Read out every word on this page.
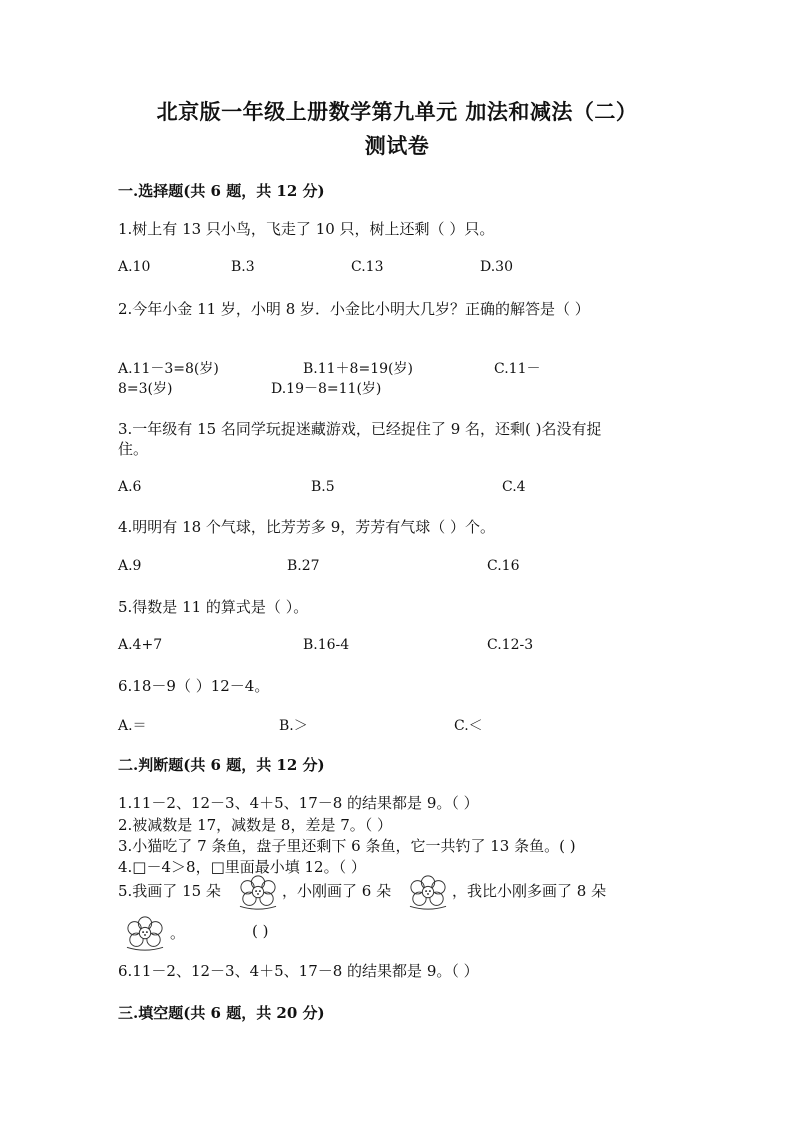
北京版一年级上册数学第九单元 加法和减法（二）
测试卷
一.选择题(共 6 题，共 12 分)
1.树上有 13 只小鸟，飞走了 10 只，树上还剩（ ）只。
A.10	B.3	C.13	D.30
2.今年小金 11 岁，小明 8 岁．小金比小明大几岁？正确的解答是（ ）
A.11－3=8(岁)	B.11＋8=19(岁)	C.11－
8=3(岁)	D.19－8=11(岁)
3.一年级有 15 名同学玩捉迷藏游戏，已经捉住了 9 名，还剩( )名没有捉
住。
A.6	B.5	C.4
4.明明有 18 个气球，比芳芳多 9，芳芳有气球（ ）个。
A.9	B.27	C.16
5.得数是 11 的算式是（ ）。
A.4+7	B.16-4	C.12-3
6.18－9（ ）12－4。
A.＝	B.＞	C.＜
二.判断题(共 6 题，共 12 分)
1.11－2、12－3、4＋5、17－8 的结果都是 9。（ ）
2.被减数是 17，减数是 8，差是 7。（ ）
3.小猫吃了 7 条鱼，盘子里还剩下 6 条鱼，它一共钓了 13 条鱼。( )
4.□－4＞8，□里面最小填 12。（ ）
5.我画了 15 朵	，小刚画了 6 朵	，我比小刚多画了 8 朵
。	( )
6.11－2、12－3、4＋5、17－8 的结果都是 9。（ ）
三.填空题(共 6 题，共 20 分)
